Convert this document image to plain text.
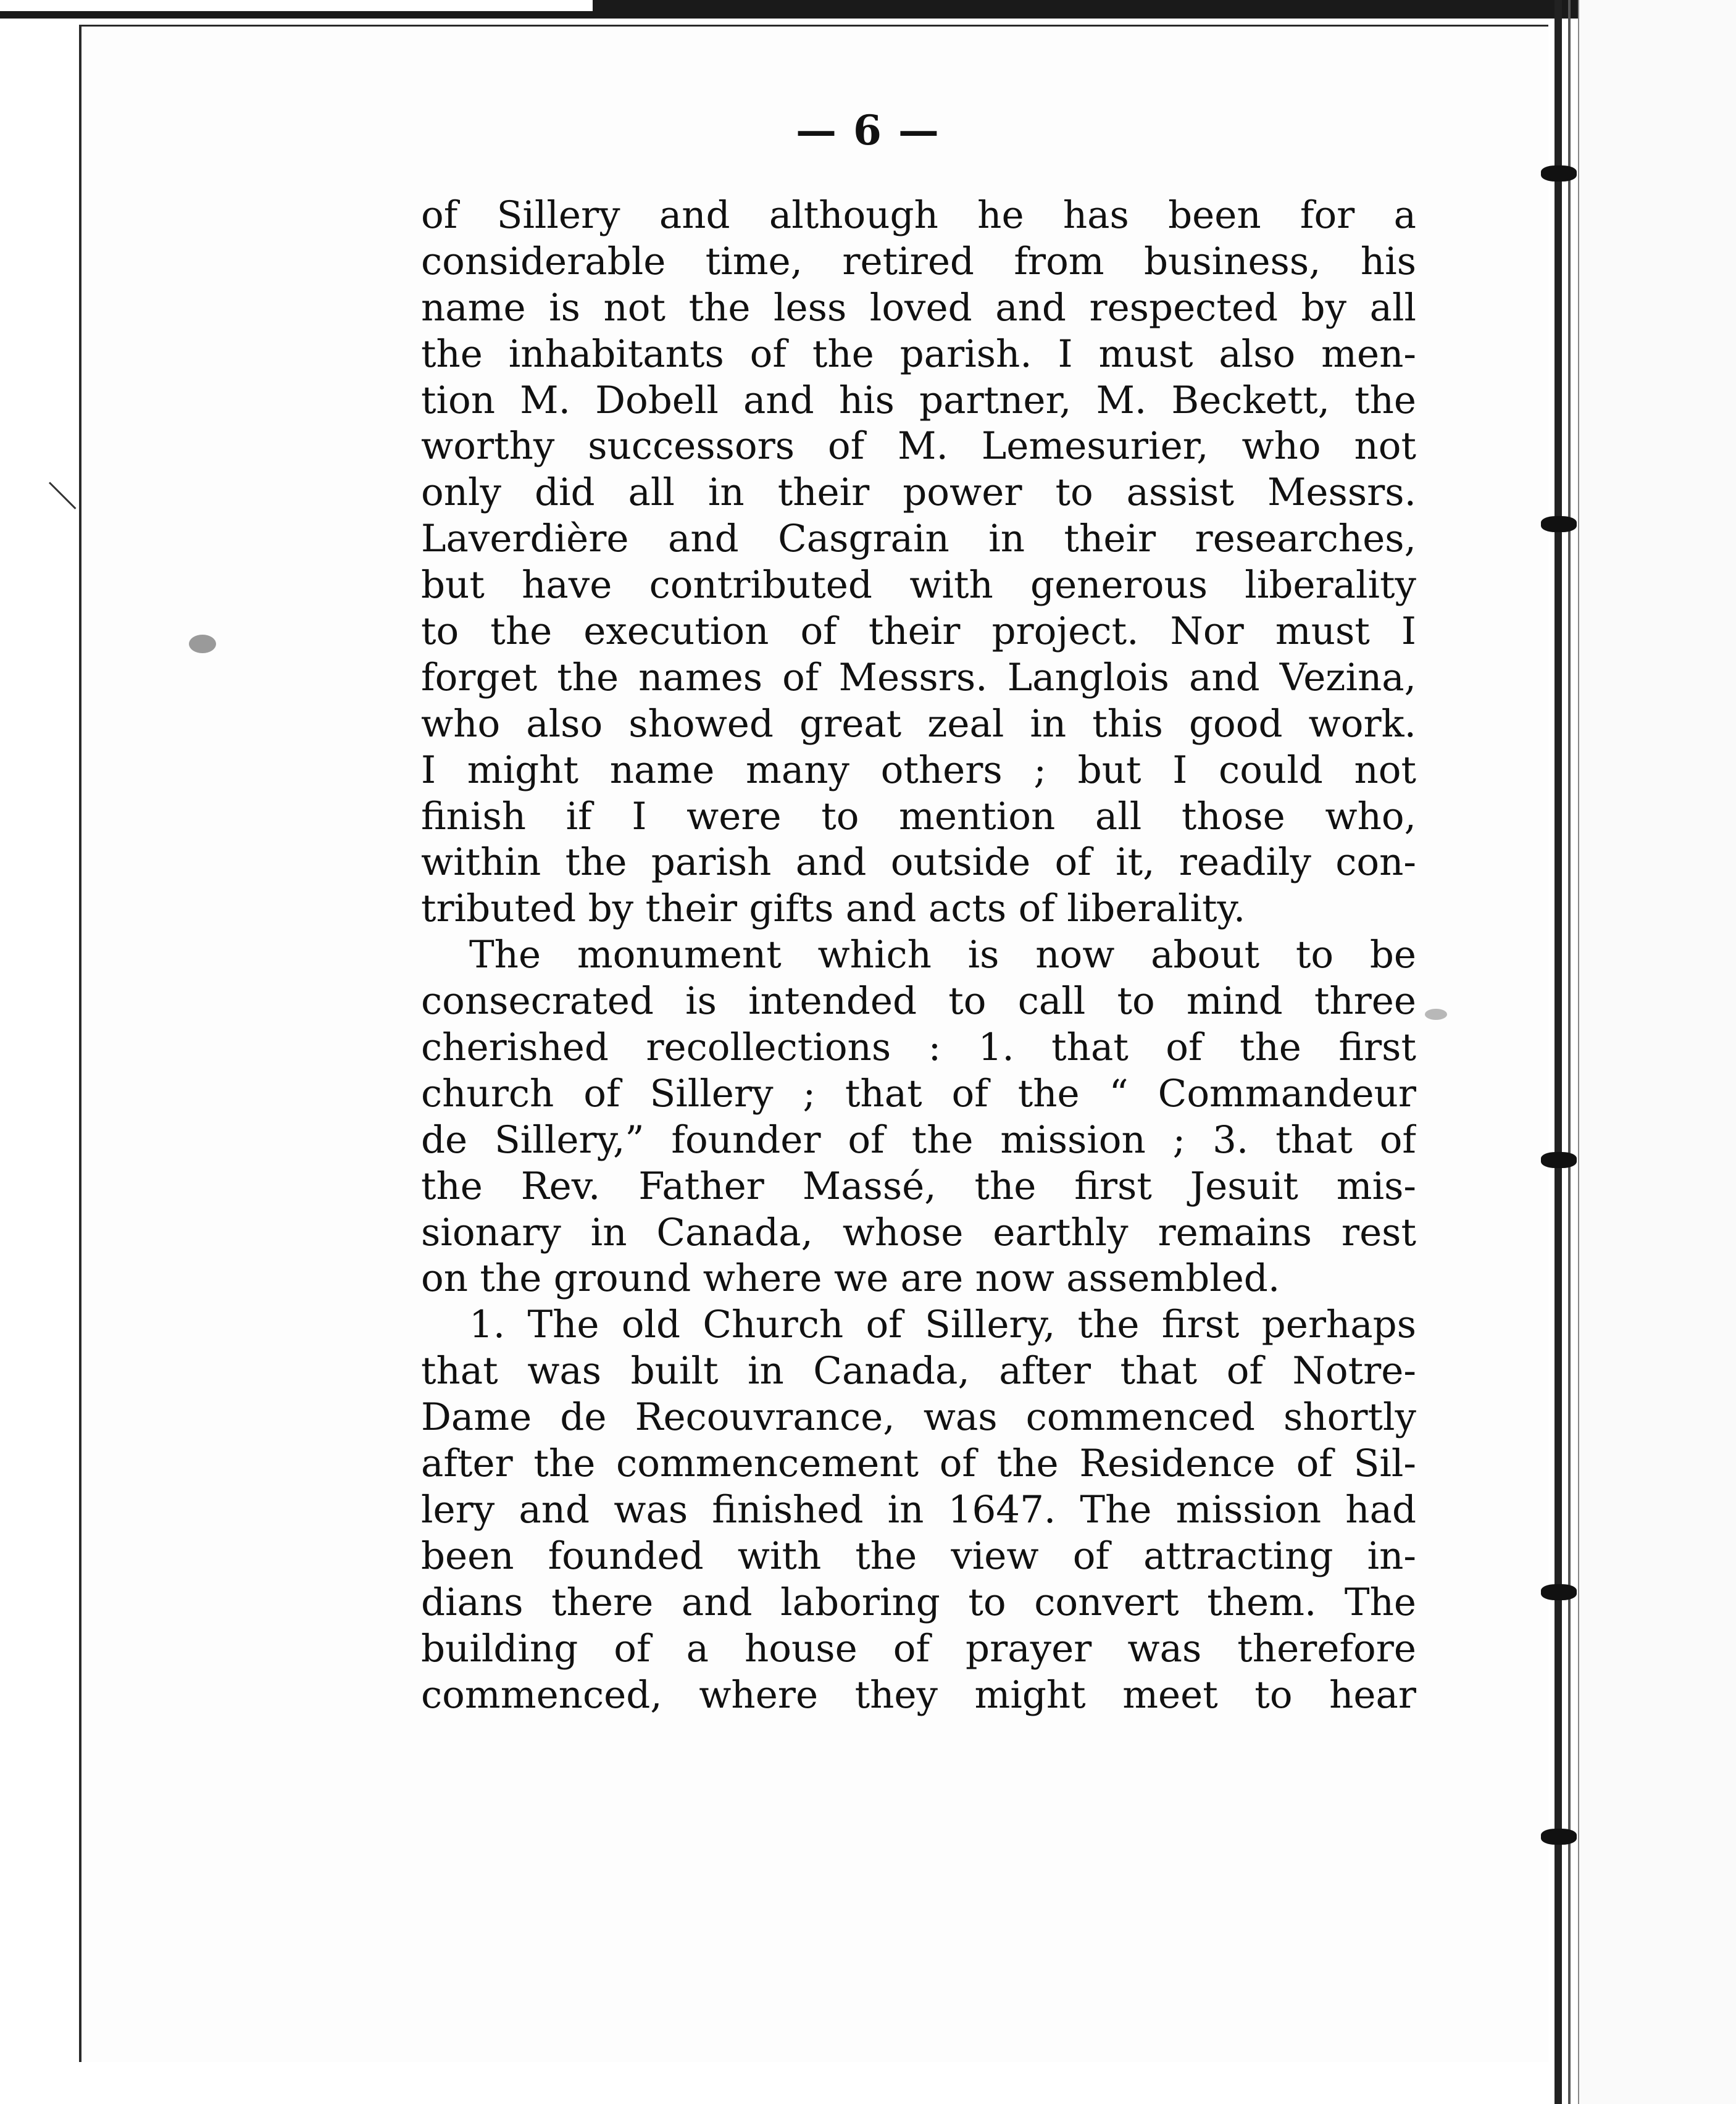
— 6 —
of Sillery and although he has been for a
considerable time, retired from business, his
name is not the less loved and respected by all
the inhabitants of the parish. I must also men-
tion M. Dobell and his partner, M. Beckett, the
worthy successors of M. Lemesurier, who not
only did all in their power to assist Messrs.
Laverdière and Casgrain in their researches,
but have contributed with generous liberality
to the execution of their project. Nor must I
forget the names of Messrs. Langlois and Vezina,
who also showed great zeal in this good work.
I might name many others ; but I could not
finish if I were to mention all those who,
within the parish and outside of it, readily con-
tributed by their gifts and acts of liberality.
The monument which is now about to be
consecrated is intended to call to mind three
cherished recollections : 1. that of the first
church of Sillery ; that of the “ Commandeur
de Sillery,” founder of the mission ; 3. that of
the Rev. Father Massé, the first Jesuit mis-
sionary in Canada, whose earthly remains rest
on the ground where we are now assembled.
1. The old Church of Sillery, the first perhaps
that was built in Canada, after that of Notre-
Dame de Recouvrance, was commenced shortly
after the commencement of the Residence of Sil-
lery and was finished in 1647. The mission had
been founded with the view of attracting in-
dians there and laboring to convert them. The
building of a house of prayer was therefore
commenced, where they might meet to hear
